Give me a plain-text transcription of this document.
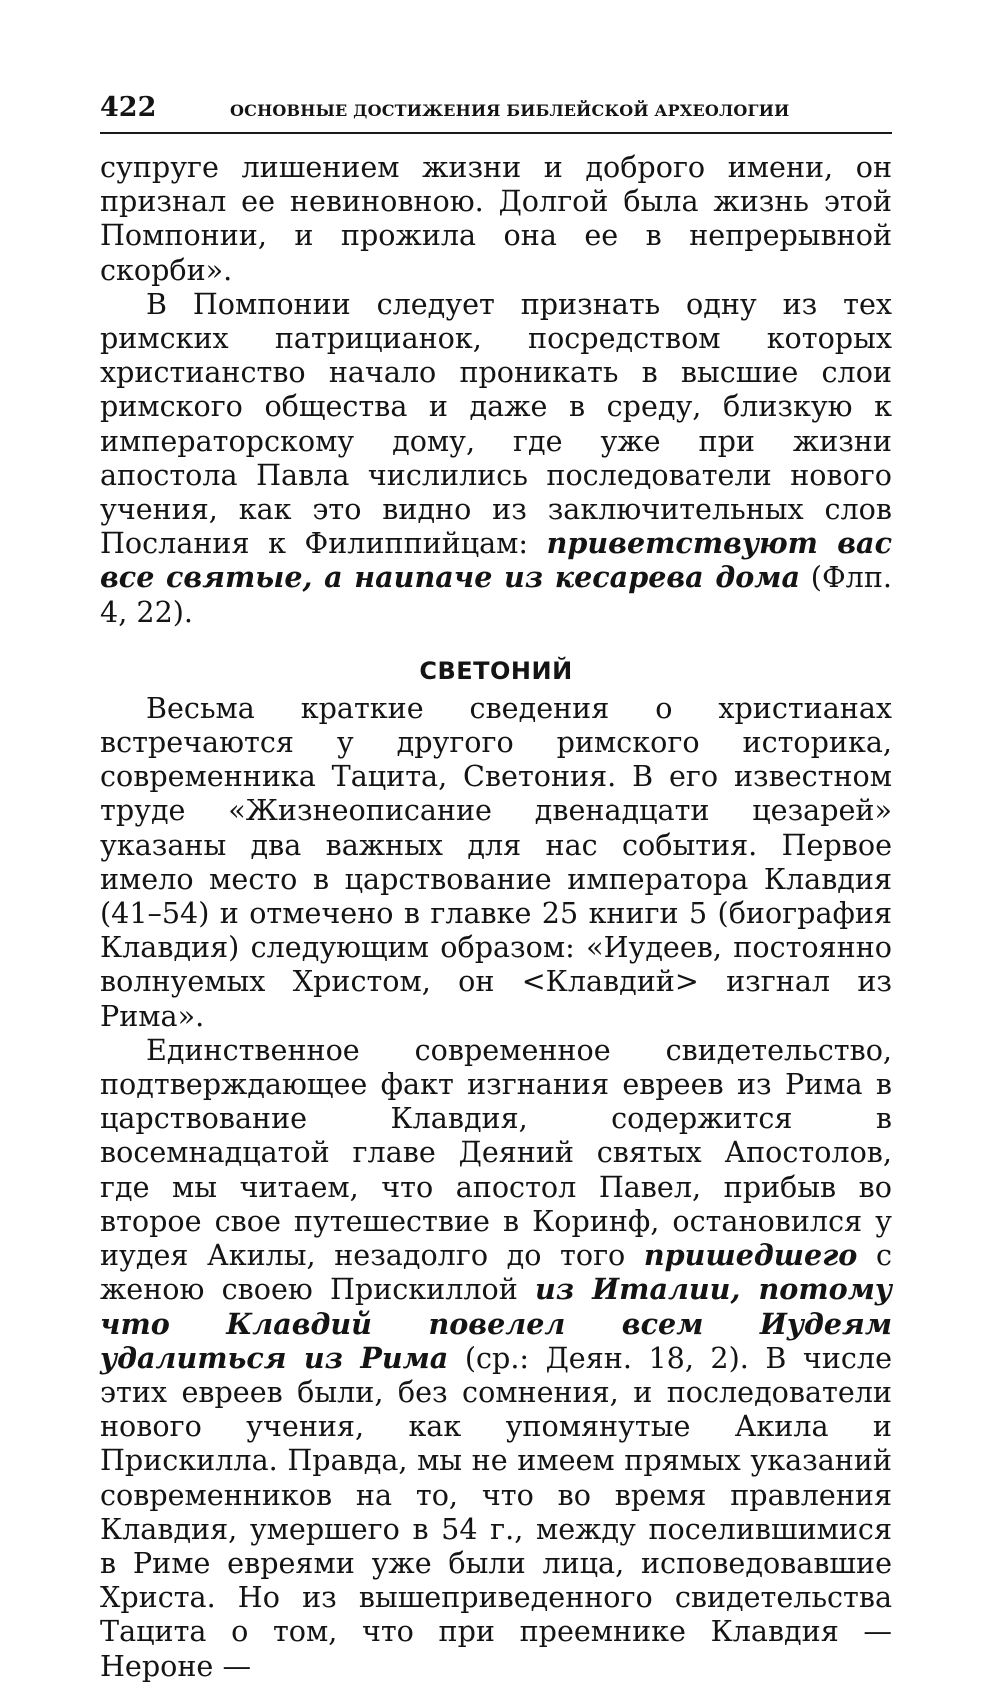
422	ОСНОВНЫЕ ДОСТИЖЕНИЯ БИБЛЕЙСКОЙ АРХЕОЛОГИИ

супруге лишением жизни и доброго имени, он признал ее невиновною. Долгой была жизнь этой Помпонии, и прожила она ее в непрерывной скорби».

В Помпонии следует признать одну из тех римских патрицианок, посредством которых христианство начало проникать в высшие слои римского общества и даже в среду, близкую к императорскому дому, где уже при жизни апостола Павла числились последователи нового учения, как это видно из заключительных слов Послания к Филиппийцам: приветствуют вас все святые, а наипаче из кесарева дома (Флп. 4, 22).

СВЕТОНИЙ

Весьма краткие сведения о христианах встречаются у другого римского историка, современника Тацита, Светония. В его известном труде «Жизнеописание двенадцати цезарей» указаны два важных для нас события. Первое имело место в царствование императора Клавдия (41–54) и отмечено в главке 25 книги 5 (биография Клавдия) следующим образом: «Иудеев, постоянно волнуемых Христом, он <Клавдий> изгнал из Рима».

Единственное современное свидетельство, подтверждающее факт изгнания евреев из Рима в царствование Клавдия, содержится в восемнадцатой главе Деяний святых Апостолов, где мы читаем, что апостол Павел, прибыв во второе свое путешествие в Коринф, остановился у иудея Акилы, незадолго до того пришедшего с женою своею Прискиллой из Италии, потому что Клавдий повелел всем Иудеям удалиться из Рима (ср.: Деян. 18, 2). В числе этих евреев были, без сомнения, и последователи нового учения, как упомянутые Акила и Прискилла. Правда, мы не имеем прямых указаний современников на то, что во время правления Клавдия, умершего в 54 г., между поселившимися в Риме евреями уже были лица, исповедовавшие Христа. Но из вышеприведенного свидетельства Тацита о том, что при преемнике Клавдия — Нероне —
